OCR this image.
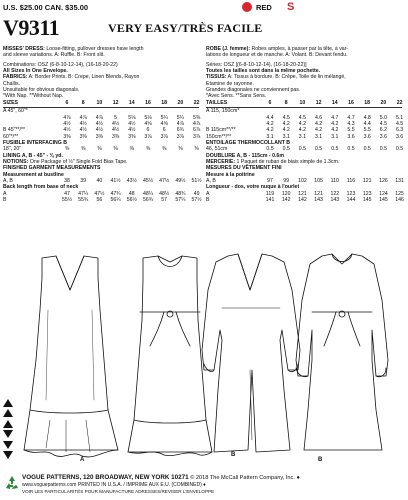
U.S. $25.00 CAN. $35.00	RED S
V9311	VERY EASY/TRÈS FACILE
MISSES' DRESS: Loose-fitting, pullover dresses have length
and sleeve variations. A: Ruffle. B: Front slit.
Combinations: OSZ (6-8-10-12-14), (16-18-20-22)
All Sizes In One Envelope.
FABRICS: A: Border Prints. B: Crepe, Linen Blends, Rayon
Challis.
Unsuitable for obvious diagonals.
*With Nap. **Without Nap.
SIZES	6	8	10	12	14	16	18	20	22
A 45", 60"*
4⅞	4⅞	4⅞	5	5⅛	5⅛	5¼	5¼	5⅜
4½	4½	4½	4½	4½	4⅝	4⅝	4⅞	4⅞
B 45"**/**	4½	4½	4½	4½	4½	6	6	6¾	6⅞
60"*/**	3⅜	3⅜	3⅜	3⅜	3⅜	3⅞	3⅞	3⅞	3⅞
FUSIBLE INTERFACING B
18", 20"	⅜	⅜	⅜	⅜	⅜	⅜	⅜	⅜	⅜
LINING A, B - 45" - ⅜ yd.
NOTIONS: One Package of ½" Single Fold Bias Tape.
FINISHED GARMENT MEASUREMENTS
Measurement at bustline
A, B	38	39	40	41½	43½	45½	47½	49½	51½
Back length from base of neck
A	47	47¼	47½	47¾	48	48¼	48½	48¾	49
B	55½	55¾	56	56¼	56½	56¾	57	57¼	57½
ROBE (J. femme): Robes amples, à passer par la tête, à var-
iations de longueur et de manche. A: Volant. B: Devant fendu.
Séries: OSZ [(6-8-10-12-14), (16-18-20-22)]
Toutes les tailles sont dans la même pochette.
TISSUS: A: Tissus à bordure. B: Crêpe, Toile de lin mélangé,
Etamine de rayonne.
Grandes diagonales ne conviennent pas.
*Avec Sens. **Sans Sens.
TAILLES	6	8	10	12	14	16	18	20	22
A 115, 150cm*
4.4	4.5	4.5	4.6	4.7	4.7	4.8	5.0	5.1
4.2	4.2	4.2	4.2	4.2	4.3	4.4	4.5	4.5
B 115cm**/**	4.2	4.2	4.2	4.2	4.2	5.5	5.5	6.2	6.3
150cm**/**	3.1	3.1	3.1	3.1	3.1	3.6	3.6	3.6	3.6
ENTOILAGE THERMOCOLLANT B
46, 51cm	0.5	0.5	0.5	0.5	0.5	0.5	0.5	0.5	0.5
DOUBLURE A, B - 115cm - 0.6m
MERCERIE: 1 Paquet de ruban de biais simple de 1.3cm.
MESURES DU VÊTEMENT FINI
Mesure à la poitrine
A, B	97	99	102	105	110	116	121	126	131
Longueur - dos, votre nuque à l'ourlet
A	119	120	121	121	122	123	123	124	125
B	141	142	142	143	143	144	145	145	146
A
B
B
VOGUE PATTERNS, 120 BROADWAY, NEW YORK 10271 © 2018 The McCall Pattern Company, Inc. ●
www.voguepatterns.com PRINTED IN U.S.A. / IMPRIME AUX E.U. (COMBINED) ♦
VOIR LES PARTICULARITÉS POUR MANUFACTURE ADRESSES/REVISER L'ENVELOPPE
